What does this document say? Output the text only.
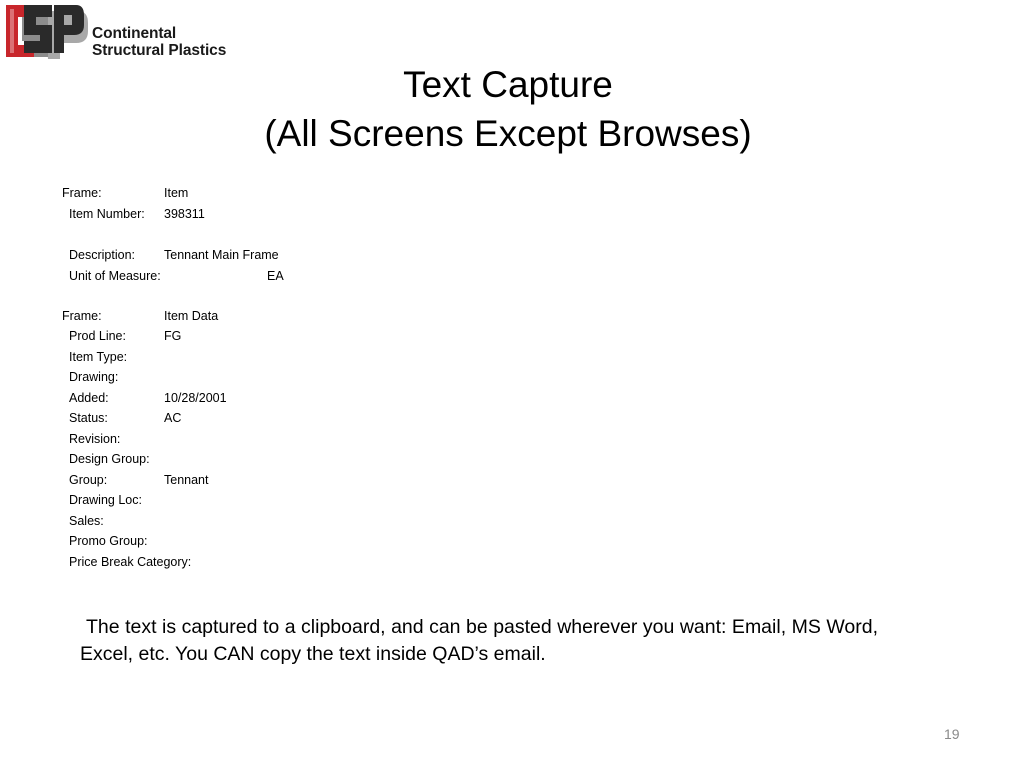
Continental
Structural Plastics
Text Capture
(All Screens Except Browses)
Frame:	Item
Item Number: 398311
Description: Tennant Main Frame
Unit of Measure:	EA
Frame:	Item Data
Prod Line:	FG
Item Type:
Drawing:
Added:	10/28/2001
Status:	AC
Revision:
Design Group:
Group:	Tennant
Drawing Loc:
Sales:
Promo Group:
Price Break Category:
The text is captured to a clipboard, and can be pasted wherever you want: Email, MS Word, Excel, etc. You CAN copy the text inside QAD’s email.
19
